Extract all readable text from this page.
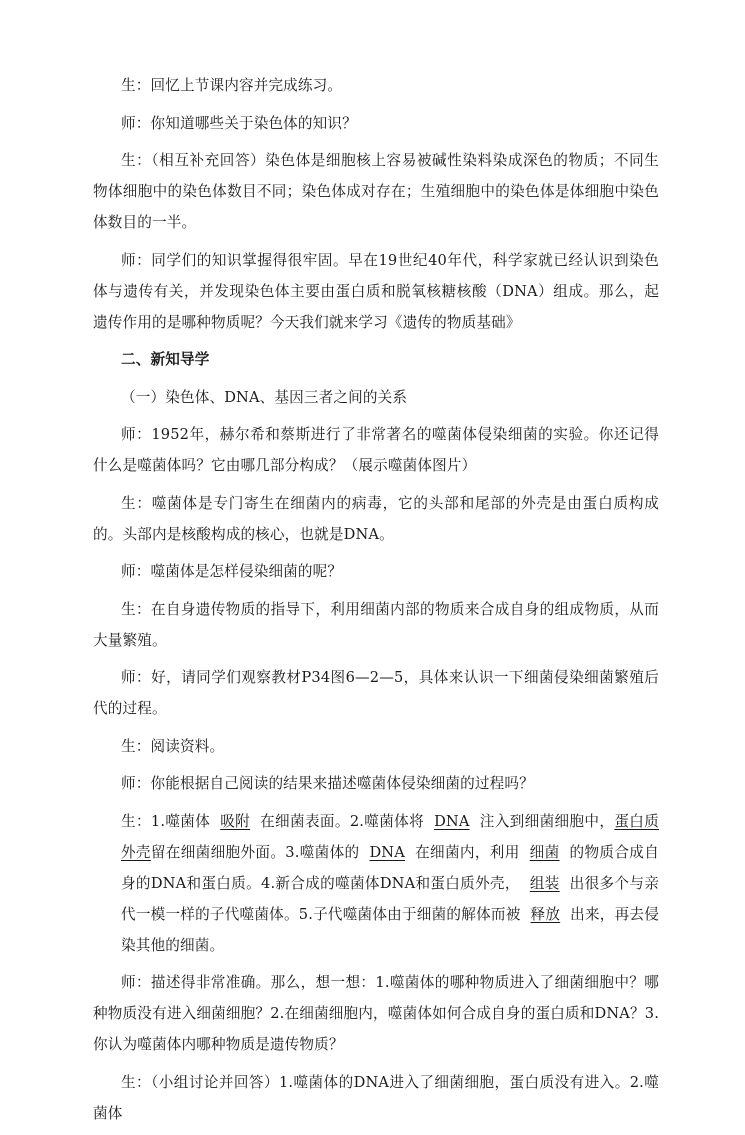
生：回忆上节课内容并完成练习。

师：你知道哪些关于染色体的知识？

生：（相互补充回答）染色体是细胞核上容易被碱性染料染成深色的物质；不同生物体细胞中的染色体数目不同；染色体成对存在；生殖细胞中的染色体是体细胞中染色体数目的一半。

师：同学们的知识掌握得很牢固。早在19世纪40年代，科学家就已经认识到染色体与遗传有关，并发现染色体主要由蛋白质和脱氧核糖核酸（DNA）组成。那么，起遗传作用的是哪种物质呢？今天我们就来学习《遗传的物质基础》

二、新知导学

（一）染色体、DNA、基因三者之间的关系

师：1952年，赫尔希和蔡斯进行了非常著名的噬菌体侵染细菌的实验。你还记得什么是噬菌体吗？它由哪几部分构成？（展示噬菌体图片）

生：噬菌体是专门寄生在细菌内的病毒，它的头部和尾部的外壳是由蛋白质构成的。头部内是核酸构成的核心，也就是DNA。

师：噬菌体是怎样侵染细菌的呢？

生：在自身遗传物质的指导下，利用细菌内部的物质来合成自身的组成物质，从而大量繁殖。

师：好，请同学们观察教材P34图6—2—5，具体来认识一下细菌侵染细菌繁殖后代的过程。

生：阅读资料。

师：你能根据自己阅读的结果来描述噬菌体侵染细菌的过程吗？

生：1.噬菌体 吸附 在细菌表面。2.噬菌体将 DNA 注入到细菌细胞中，蛋白质外壳留在细菌细胞外面。3.噬菌体的 DNA 在细菌内，利用 细菌 的物质合成自身的DNA和蛋白质。4.新合成的噬菌体DNA和蛋白质外壳， 组装 出很多个与亲代一模一样的子代噬菌体。5.子代噬菌体由于细菌的解体而被 释放 出来，再去侵染其他的细菌。

师：描述得非常准确。那么，想一想：1.噬菌体的哪种物质进入了细菌细胞中？哪种物质没有进入细菌细胞？2.在细菌细胞内，噬菌体如何合成自身的蛋白质和DNA？3.你认为噬菌体内哪种物质是遗传物质？

生：（小组讨论并回答）1.噬菌体的DNA进入了细菌细胞，蛋白质没有进入。2.噬菌体
